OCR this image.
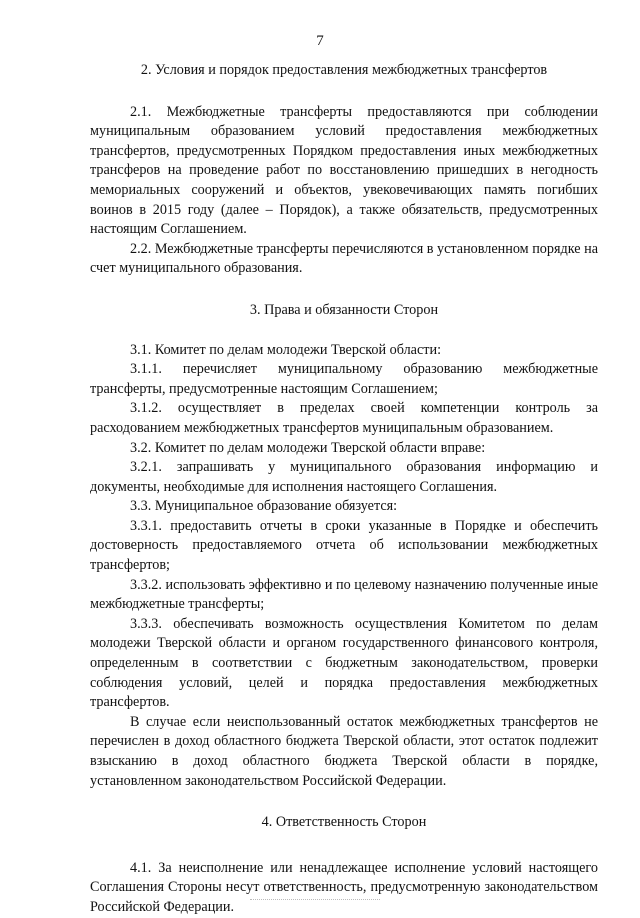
7

2. Условия и порядок предоставления межбюджетных трансфертов

2.1. Межбюджетные трансферты предоставляются при соблюдении муниципальным образованием условий предоставления межбюджетных трансфертов, предусмотренных Порядком предоставления иных межбюджетных трансферов на проведение работ по восстановлению пришедших в негодность мемориальных сооружений и объектов, увековечивающих память погибших воинов в 2015 году (далее – Порядок), а также обязательств, предусмотренных настоящим Соглашением.

2.2. Межбюджетные трансферты перечисляются в установленном порядке на счет муниципального образования.

3. Права и обязанности Сторон

3.1. Комитет по делам молодежи Тверской области:

3.1.1. перечисляет муниципальному образованию межбюджетные трансферты, предусмотренные настоящим Соглашением;

3.1.2. осуществляет в пределах своей компетенции контроль за расходованием межбюджетных трансфертов муниципальным образованием.

3.2. Комитет по делам молодежи Тверской области вправе:

3.2.1. запрашивать у муниципального образования информацию и документы, необходимые для исполнения настоящего Соглашения.

3.3. Муниципальное образование обязуется:

3.3.1. предоставить отчеты в сроки указанные в Порядке и обеспечить достоверность предоставляемого отчета об использовании межбюджетных трансфертов;

3.3.2. использовать эффективно и по целевому назначению полученные иные межбюджетные трансферты;

3.3.3. обеспечивать возможность осуществления Комитетом по делам молодежи Тверской области и органом государственного финансового контроля, определенным в соответствии с бюджетным законодательством, проверки соблюдения условий, целей и порядка предоставления межбюджетных трансфертов.

В случае если неиспользованный остаток межбюджетных трансфертов не перечислен в доход областного бюджета Тверской области, этот остаток подлежит взысканию в доход областного бюджета Тверской области в порядке, установленном законодательством Российской Федерации.

4. Ответственность Сторон

4.1. За неисполнение или ненадлежащее исполнение условий настоящего Соглашения Стороны несут ответственность, предусмотренную законодательством Российской Федерации.
